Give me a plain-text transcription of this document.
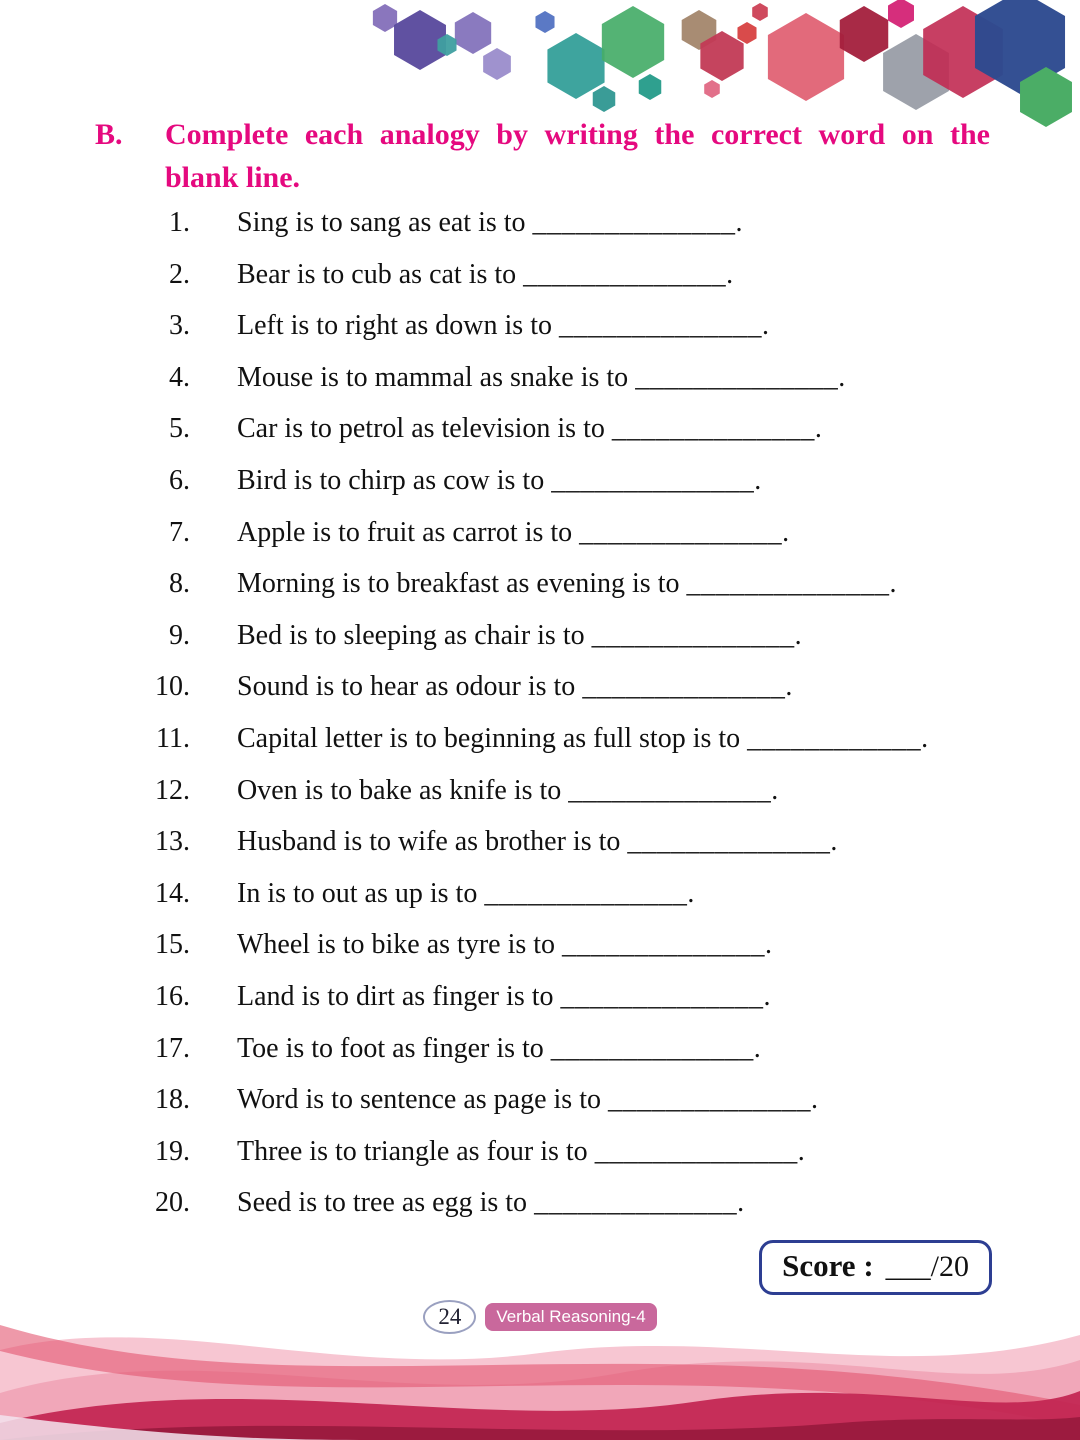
B.	Complete each analogy by writing the correct word on the
blank line.
1. Sing is to sang as eat is to ______________.
2. Bear is to cub as cat is to ______________.
3. Left is to right as down is to ______________.
4. Mouse is to mammal as snake is to ______________.
5. Car is to petrol as television is to ______________.
6. Bird is to chirp as cow is to ______________.
7. Apple is to fruit as carrot is to ______________.
8. Morning is to breakfast as evening is to ______________.
9. Bed is to sleeping as chair is to ______________.
10. Sound is to hear as odour is to ______________.
11. Capital letter is to beginning as full stop is to ____________.
12. Oven is to bake as knife is to ______________.
13. Husband is to wife as brother is to ______________.
14. In is to out as up is to ______________.
15. Wheel is to bike as tyre is to ______________.
16. Land is to dirt as finger is to ______________.
17. Toe is to foot as finger is to ______________.
18. Word is to sentence as page is to ______________.
19. Three is to triangle as four is to ______________.
20. Seed is to tree as egg is to ______________.
Score : ___/20
24	Verbal Reasoning-4
